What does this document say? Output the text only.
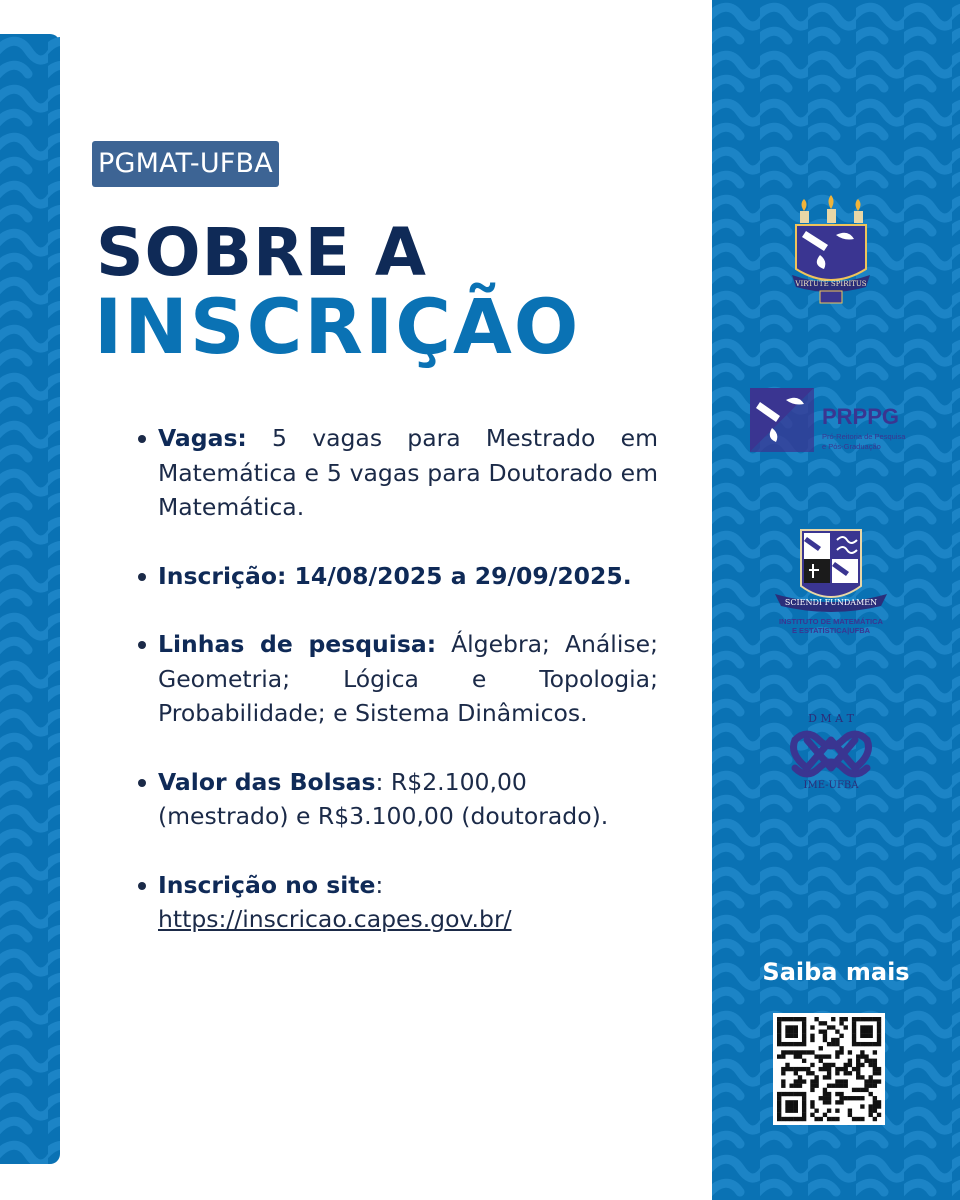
PGMAT-UFBA
SOBRE A
INSCRIÇÃO
Vagas: 5 vagas para Mestrado em Matemática e 5 vagas para Doutorado em Matemática.
Inscrição: 14/08/2025 a 29/09/2025.
Linhas de pesquisa: Álgebra; Análise; Geometria; Lógica e Topologia; Probabilidade; e Sistema Dinâmicos.
Valor das Bolsas: R$2.100,00 (mestrado) e R$3.100,00 (doutorado).
Inscrição no site:
https://inscricao.capes.gov.br/
VIRTUTE SPIRITUS
PRPPG
Pró-Reitoria de Pesquisa
e Pós-Graduação
SCIENDI FUNDAMEN
INSTITUTO DE MATEMÁTICA
E ESTATÍSTICA|UFBA
D M A T
IME-UFBA
Saiba mais
